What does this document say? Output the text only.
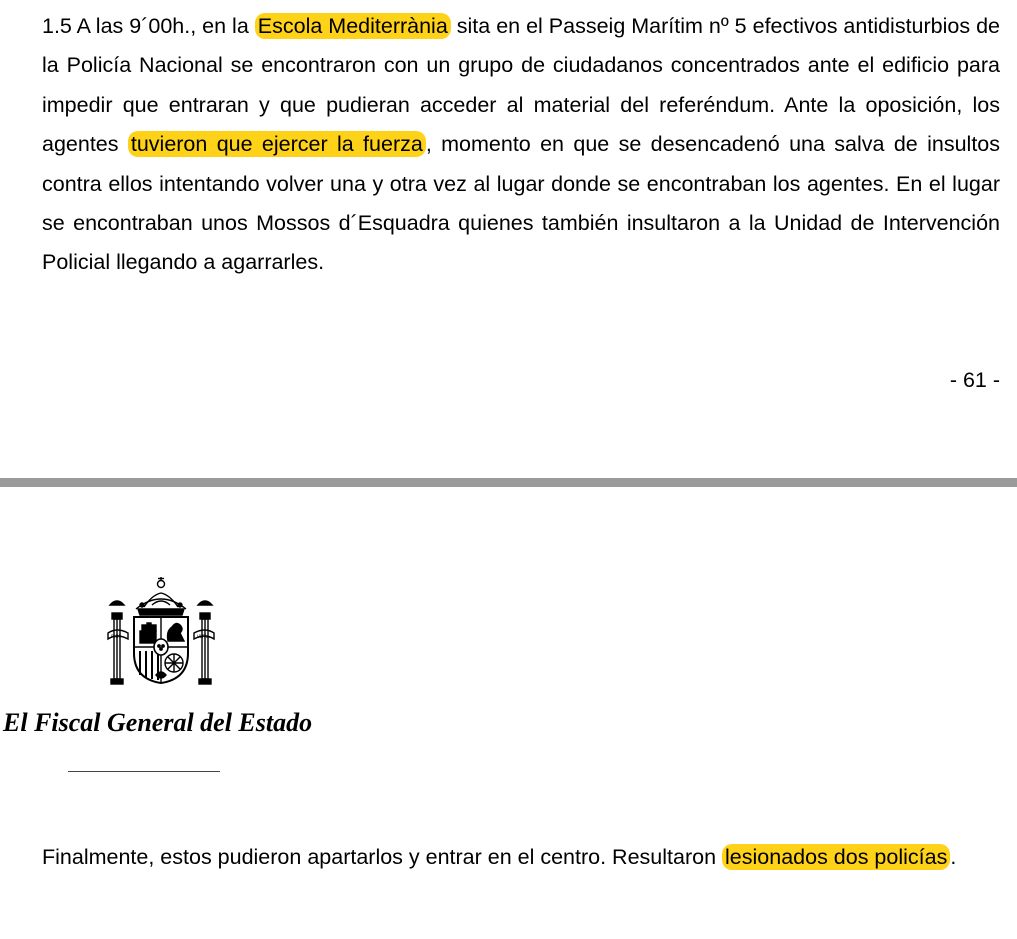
1.5 A las 9´00h., en la Escola Mediterrània sita en el Passeig Marítim nº 5 efectivos antidisturbios de la Policía Nacional se encontraron con un grupo de ciudadanos concentrados ante el edificio para impedir que entraran y que pudieran acceder al material del referéndum. Ante la oposición, los agentes tuvieron que ejercer la fuerza , momento en que se desencadenó una salva de insultos contra ellos intentando volver una y otra vez al lugar donde se encontraban los agentes. En el lugar se encontraban unos Mossos d´Esquadra quienes también insultaron a la Unidad de Intervención Policial llegando a agarrarles.

- 61 -
PLUS	ULTRA
El Fiscal General del Estado

Finalmente, estos pudieron apartarlos y entrar en el centro. Resultaron lesionados dos policías .
